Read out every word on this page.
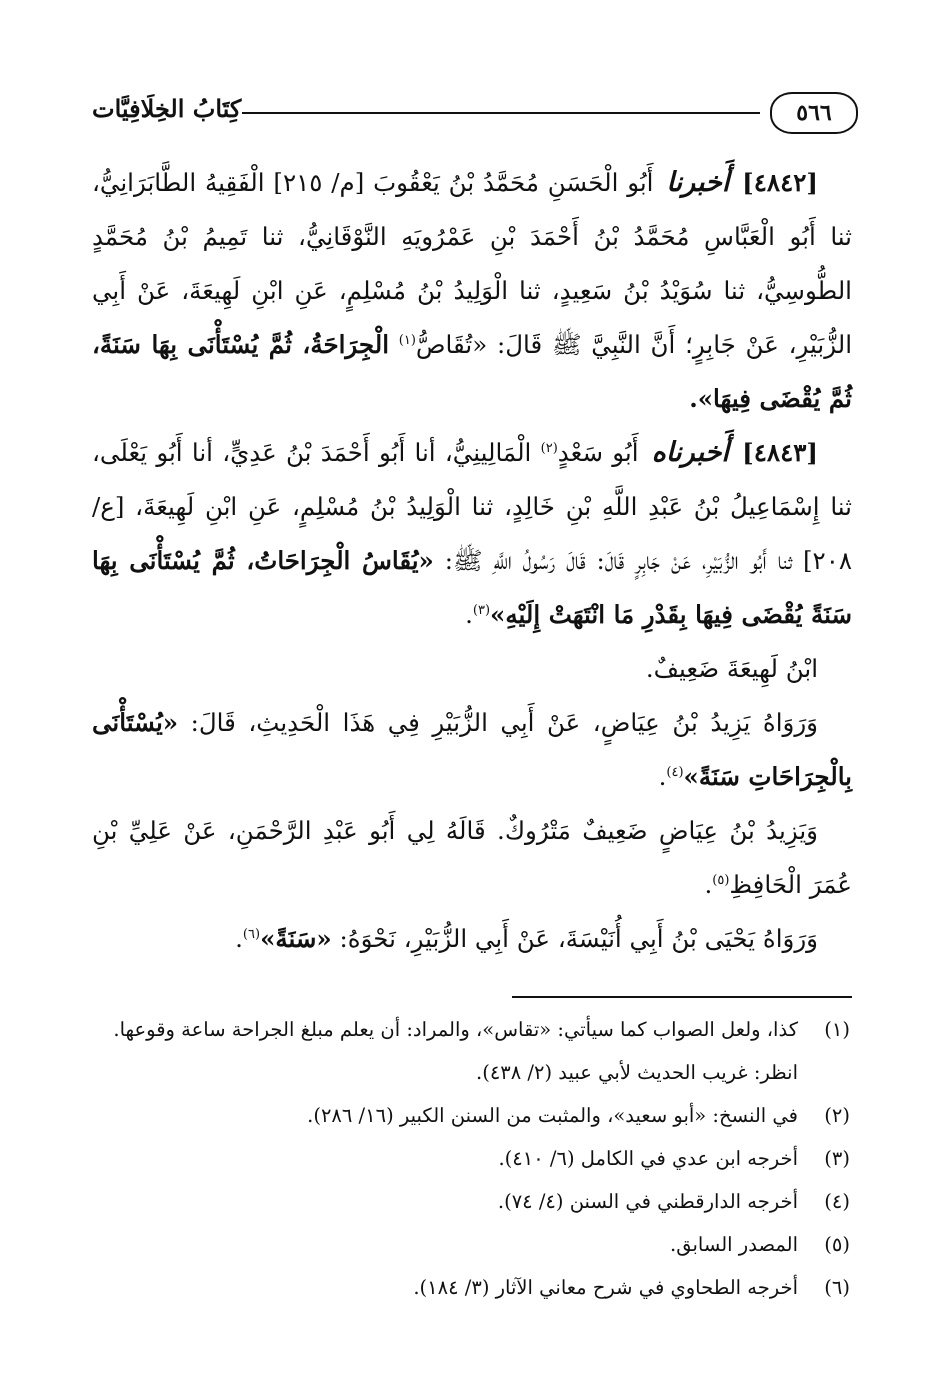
٥٦٦
كِتَابُ الخِلَافِيَّات

[٤٨٤٢] أَخبرنا أَبُو الْحَسَنِ مُحَمَّدُ بْنُ يَعْقُوبَ [م/ ٢١٥] الْفَقِيهُ الطَّابَرَانِيُّ، ثنا أَبُو الْعَبَّاسِ مُحَمَّدُ بْنُ أَحْمَدَ بْنِ عَمْرُويَهِ النَّوْقَانِيُّ، ثنا تَمِيمُ بْنُ مُحَمَّدٍ الطُّوسِيُّ، ثنا سُوَيْدُ بْنُ سَعِيدٍ، ثنا الْوَلِيدُ بْنُ مُسْلِمٍ، عَنِ ابْنِ لَهِيعَةَ، عَنْ أَبِي الزُّبَيْرِ، عَنْ جَابِرٍ؛ أَنَّ النَّبِيَّ ﷺ قَالَ: «تُقَاصُّ$^{(١)}$ الْجِرَاحَةُ، ثُمَّ يُسْتَأْنَى بِهَا سَنَةً، ثُمَّ يُقْضَى فِيهَا».

[٤٨٤٣] أَخبرناه أَبُو سَعْدٍ$^{(٢)}$ الْمَالِينِيُّ، أنا أَبُو أَحْمَدَ بْنُ عَدِيٍّ، أنا أَبُو يَعْلَى، ثنا إِسْمَاعِيلُ بْنُ عَبْدِ اللَّهِ بْنِ خَالِدٍ، ثنا الْوَلِيدُ بْنُ مُسْلِمٍ، عَنِ ابْنِ لَهِيعَةَ، [ع/٢٠٨] ثنا أَبُو الزُّبَيْرِ، عَنْ جَابِرٍ قَالَ: قَالَ رَسُولُ اللَّهِ ﷺ: «يُقَاسُ الْجِرَاحَاتُ، ثُمَّ يُسْتَأْنَى بِهَا سَنَةً يُقْضَى فِيهَا بِقَدْرِ مَا انْتَهَتْ إِلَيْهِ»$^{(٣)}$.

ابْنُ لَهِيعَةَ ضَعِيفٌ.

وَرَوَاهُ يَزِيدُ بْنُ عِيَاضٍ، عَنْ أَبِي الزُّبَيْرِ فِي هَذَا الْحَدِيثِ، قَالَ: «يُسْتَأْنَى بِالْجِرَاحَاتِ سَنَةً»$^{(٤)}$.

وَيَزِيدُ بْنُ عِيَاضٍ ضَعِيفٌ مَتْرُوكٌ. قَالَهُ لِي أَبُو عَبْدِ الرَّحْمَنِ، عَنْ عَلِيِّ بْنِ عُمَرَ الْحَافِظِ$^{(٥)}$.

وَرَوَاهُ يَحْيَى بْنُ أَبِي أُنَيْسَةَ، عَنْ أَبِي الزُّبَيْرِ، نَحْوَهُ: «سَنَةً»$^{(٦)}$.

(١)
كذا، ولعل الصواب كما سيأتي: «تقاس»، والمراد: أن يعلم مبلغ الجراحة ساعة وقوعها. انظر: غريب الحديث لأبي عبيد (٢/ ٤٣٨).
(٢)
في النسخ: «أبو سعيد»، والمثبت من السنن الكبير (١٦/ ٢٨٦).
(٣)
أخرجه ابن عدي في الكامل (٦/ ٤١٠).
(٤)
أخرجه الدارقطني في السنن (٤/ ٧٤).
(٥)
المصدر السابق.
(٦)
أخرجه الطحاوي في شرح معاني الآثار (٣/ ١٨٤).
